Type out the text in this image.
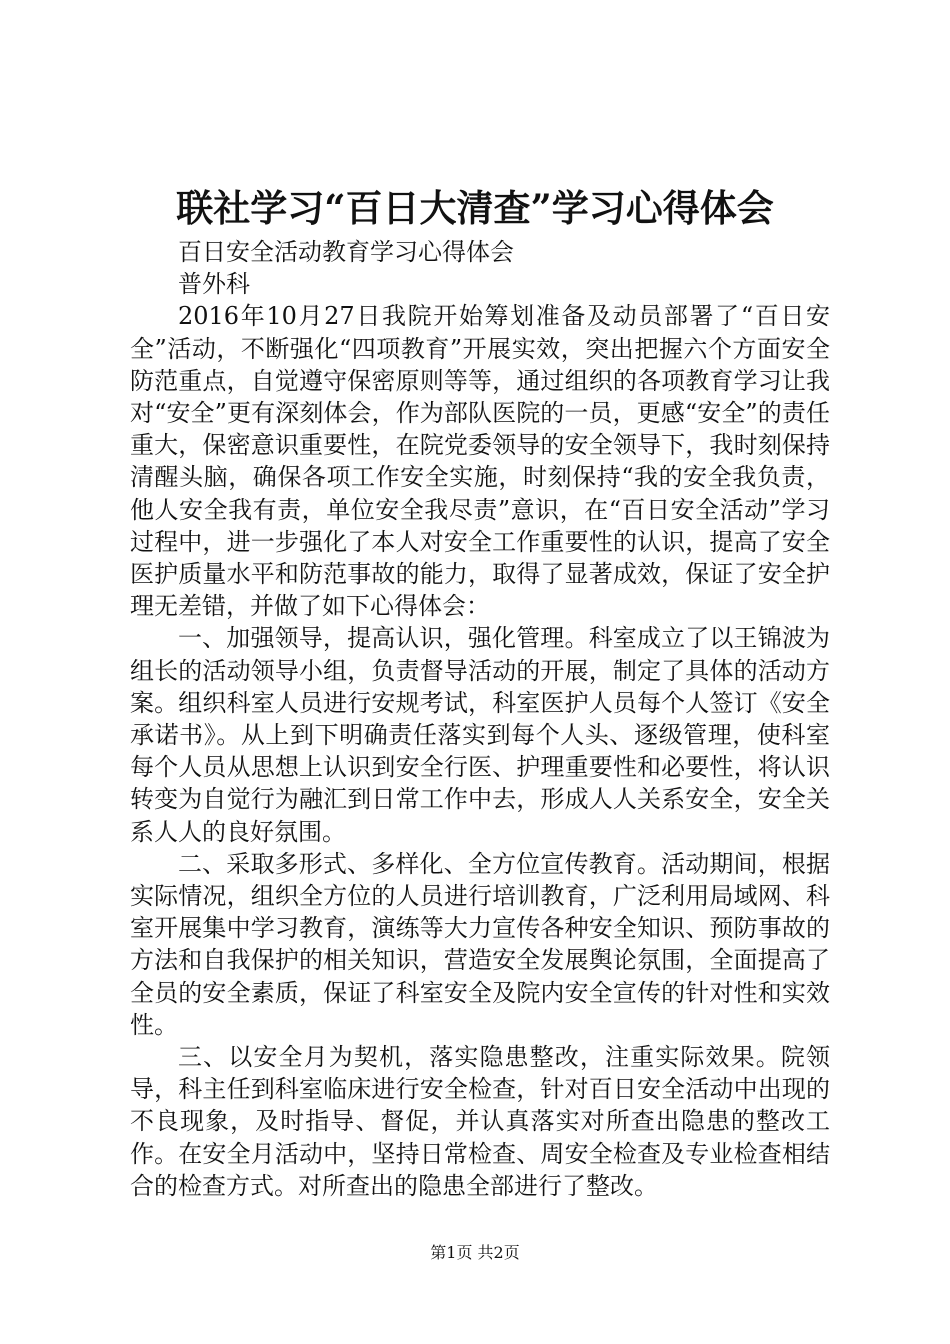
联社学习“百日大清查”学习心得体会

百日安全活动教育学习心得体会

普外科

2016年10月27日我院开始筹划准备及动员部署了“百日安全”活动，不断强化“四项教育”开展实效，突出把握六个方面安全防范重点，自觉遵守保密原则等等，通过组织的各项教育学习让我对“安全”更有深刻体会，作为部队医院的一员，更感“安全”的责任重大，保密意识重要性，在院党委领导的安全领导下，我时刻保持清醒头脑，确保各项工作安全实施，时刻保持“我的安全我负责，他人安全我有责，单位安全我尽责”意识，在“百日安全活动”学习过程中，进一步强化了本人对安全工作重要性的认识，提高了安全医护质量水平和防范事故的能力，取得了显著成效，保证了安全护理无差错，并做了如下心得体会：

一、加强领导，提高认识，强化管理。科室成立了以王锦波为组长的活动领导小组，负责督导活动的开展，制定了具体的活动方案。组织科室人员进行安规考试，科室医护人员每个人签订《安全承诺书》。从上到下明确责任落实到每个人头、逐级管理，使科室每个人员从思想上认识到安全行医、护理重要性和必要性，将认识转变为自觉行为融汇到日常工作中去，形成人人关系安全，安全关系人人的良好氛围。

二、采取多形式、多样化、全方位宣传教育。活动期间，根据实际情况，组织全方位的人员进行培训教育，广泛利用局域网、科室开展集中学习教育，演练等大力宣传各种安全知识、预防事故的方法和自我保护的相关知识，营造安全发展舆论氛围，全面提高了全员的安全素质，保证了科室安全及院内安全宣传的针对性和实效性。

三、以安全月为契机，落实隐患整改，注重实际效果。院领导，科主任到科室临床进行安全检查，针对百日安全活动中出现的不良现象，及时指导、督促，并认真落实对所查出隐患的整改工作。在安全月活动中，坚持日常检查、周安全检查及专业检查相结合的检查方式。对所查出的隐患全部进行了整改。

第1页 共2页
